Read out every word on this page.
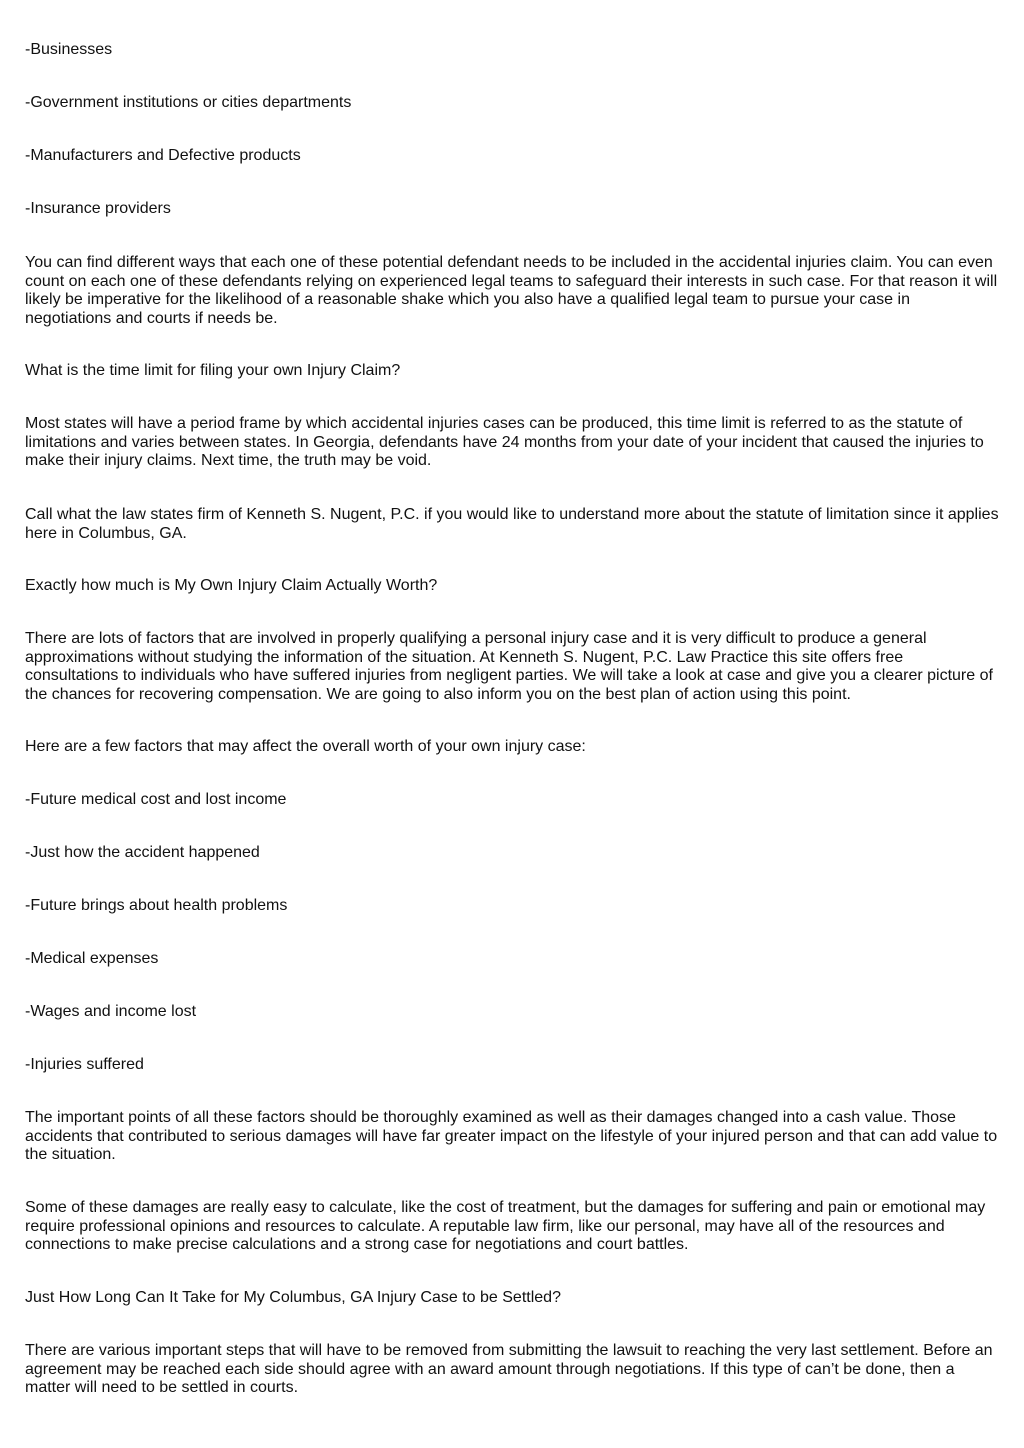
-Businesses

-Government institutions or cities departments

-Manufacturers and Defective products

-Insurance providers

You can find different ways that each one of these potential defendant needs to be included in the accidental injuries claim. You can even count on each one of these defendants relying on experienced legal teams to safeguard their interests in such case. For that reason it will likely be imperative for the likelihood of a reasonable shake which you also have a qualified legal team to pursue your case in negotiations and courts if needs be.

What is the time limit for filing your own Injury Claim?

Most states will have a period frame by which accidental injuries cases can be produced, this time limit is referred to as the statute of limitations and varies between states. In Georgia, defendants have 24 months from your date of your incident that caused the injuries to make their injury claims. Next time, the truth may be void.

Call what the law states firm of Kenneth S. Nugent, P.C. if you would like to understand more about the statute of limitation since it applies here in Columbus, GA.

Exactly how much is My Own Injury Claim Actually Worth?

There are lots of factors that are involved in properly qualifying a personal injury case and it is very difficult to produce a general approximations without studying the information of the situation. At Kenneth S. Nugent, P.C. Law Practice this site offers free consultations to individuals who have suffered injuries from negligent parties. We will take a look at case and give you a clearer picture of the chances for recovering compensation. We are going to also inform you on the best plan of action using this point.

Here are a few factors that may affect the overall worth of your own injury case:

-Future medical cost and lost income

-Just how the accident happened

-Future brings about health problems

-Medical expenses

-Wages and income lost

-Injuries suffered

The important points of all these factors should be thoroughly examined as well as their damages changed into a cash value. Those accidents that contributed to serious damages will have far greater impact on the lifestyle of your injured person and that can add value to the situation.

Some of these damages are really easy to calculate, like the cost of treatment, but the damages for suffering and pain or emotional may require professional opinions and resources to calculate. A reputable law firm, like our personal, may have all of the resources and connections to make precise calculations and a strong case for negotiations and court battles.

Just How Long Can It Take for My Columbus, GA Injury Case to be Settled?

There are various important steps that will have to be removed from submitting the lawsuit to reaching the very last settlement. Before an agreement may be reached each side should agree with an award amount through negotiations. If this type of can’t be done, then a matter will need to be settled in courts.
